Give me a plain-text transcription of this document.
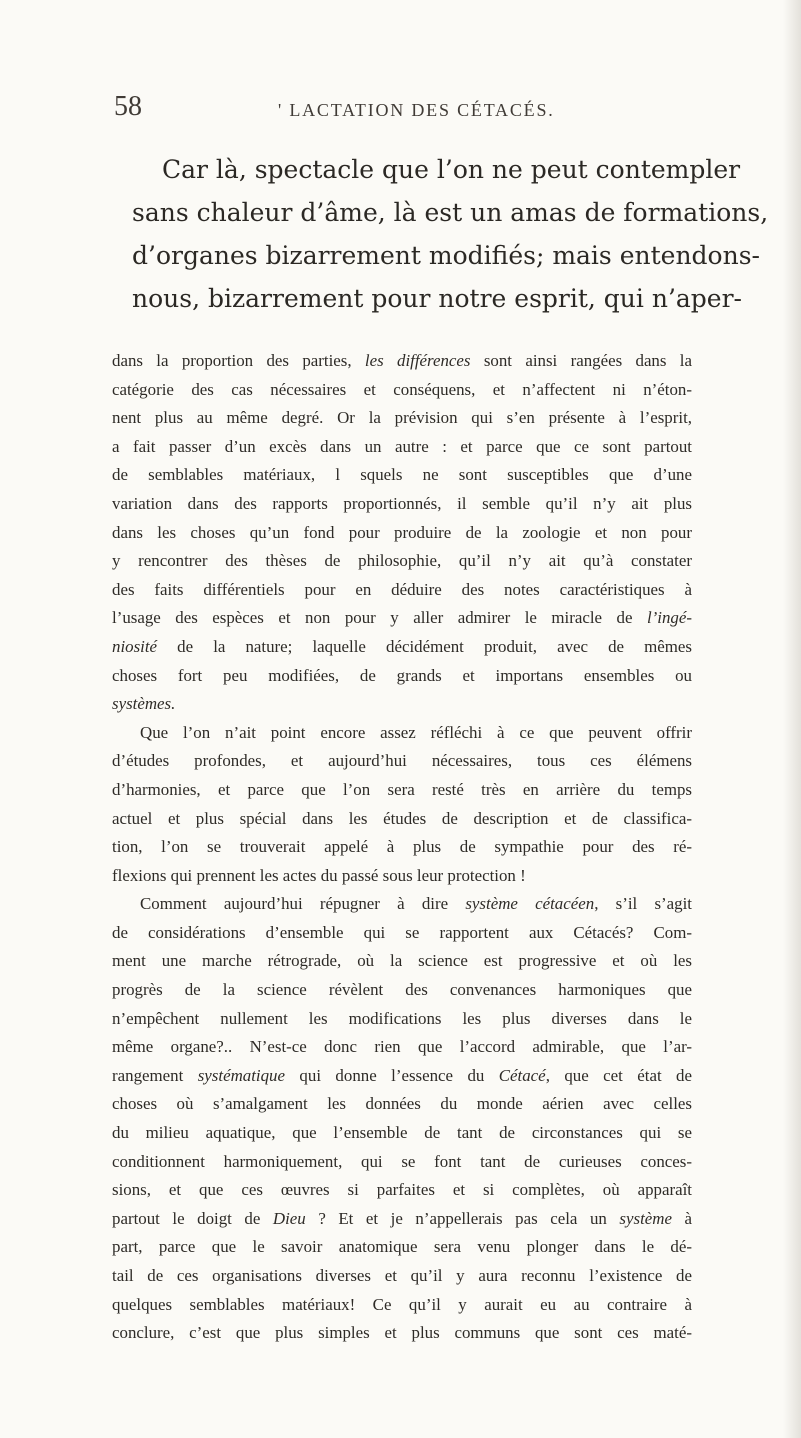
58	' LACTATION DES CÉTACÉS.
Car là, spectacle que l’on ne peut contempler
sans chaleur d’âme, là est un amas de formations,
d’organes bizarrement modifiés; mais entendons-
nous, bizarrement pour notre esprit, qui n’aper-
dans la proportion des parties, les différences sont ainsi rangées dans la
catégorie des cas nécessaires et conséquens, et n’affectent ni n’éton-
nent plus au même degré. Or la prévision qui s’en présente à l’esprit,
a fait passer d’un excès dans un autre : et parce que ce sont partout
de semblables matériaux, l squels ne sont susceptibles que d’une
variation dans des rapports proportionnés, il semble qu’il n’y ait plus
dans les choses qu’un fond pour produire de la zoologie et non pour
y rencontrer des thèses de philosophie, qu’il n’y ait qu’à constater
des faits différentiels pour en déduire des notes caractéristiques à
l’usage des espèces et non pour y aller admirer le miracle de l’ingé-
niosité de la nature; laquelle décidément produit, avec de mêmes
choses fort peu modifiées, de grands et importans ensembles ou
systèmes.
Que l’on n’ait point encore assez réfléchi à ce que peuvent offrir
d’études profondes, et aujourd’hui nécessaires, tous ces élémens
d’harmonies, et parce que l’on sera resté très en arrière du temps
actuel et plus spécial dans les études de description et de classifica-
tion, l’on se trouverait appelé à plus de sympathie pour des ré-
flexions qui prennent les actes du passé sous leur protection !
Comment aujourd’hui répugner à dire système cétacéen, s’il s’agit
de considérations d’ensemble qui se rapportent aux Cétacés? Com-
ment une marche rétrograde, où la science est progressive et où les
progrès de la science révèlent des convenances harmoniques que
n’empêchent nullement les modifications les plus diverses dans le
même organe?.. N’est-ce donc rien que l’accord admirable, que l’ar-
rangement systématique qui donne l’essence du Cétacé, que cet état de
choses où s’amalgament les données du monde aérien avec celles
du milieu aquatique, que l’ensemble de tant de circonstances qui se
conditionnent harmoniquement, qui se font tant de curieuses conces-
sions, et que ces œuvres si parfaites et si complètes, où apparaît
partout le doigt de Dieu ? Et et je n’appellerais pas cela un système à
part, parce que le savoir anatomique sera venu plonger dans le dé-
tail de ces organisations diverses et qu’il y aura reconnu l’existence de
quelques semblables matériaux! Ce qu’il y aurait eu au contraire à
conclure, c’est que plus simples et plus communs que sont ces maté-
